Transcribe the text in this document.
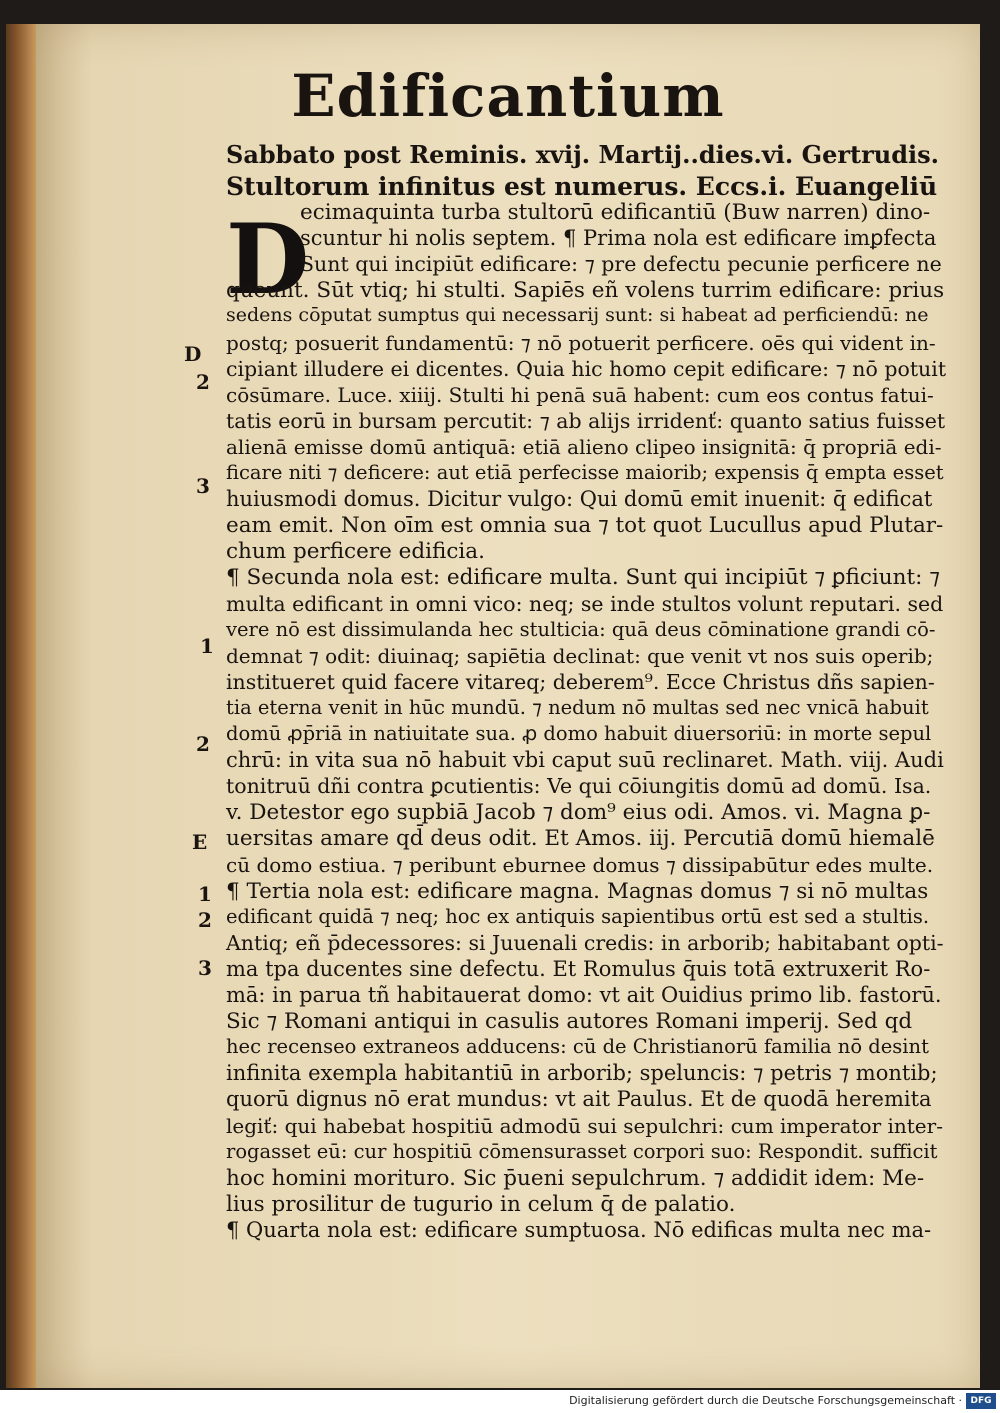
Edificantium
Sabbato post Reminis. xvij. Martij..dies.vi. Gertrudis.
Stultorum infinitus est numerus. Eccs.i. Euangeliū
D
ecimaquinta turba stultorū edificantiū (Buw narren) dino-
scuntur hi nolis septem. ¶ Prima nola est edificare imꝑfecta
Sunt qui incipiūt edificare: ⁊ pre defectu pecunie perficere ne
queunt. Sūt vtiq; hi stulti. Sapiēs eñ volens turrim edificare: prius
sedens cōputat sumptus qui necessarij sunt: si habeat ad perficiendū: ne
postq; posuerit fundamentū: ⁊ nō potuerit perficere. oēs qui vident in-
cipiant illudere ei dicentes. Quia hic homo cepit edificare: ⁊ nō potuit
cōsūmare. Luce. xiiij. Stulti hi penā suā habent: cum eos contus fatui-
tatis eorū in bursam percutit: ⁊ ab alijs irridenť: quanto satius fuisset
alienā emisse domū antiquā: etiā alieno clipeo insignitā: q̄ propriā edi-
ficare niti ⁊ deficere: aut etiā perfecisse maiorib; expensis q̄ empta esset
huiusmodi domus. Dicitur vulgo: Qui domū emit inuenit: q̄ edificat
eam emit. Non oīm est omnia sua ⁊ tot quot Lucullus apud Plutar-
chum perficere edificia.
¶ Secunda nola est: edificare multa. Sunt qui incipiūt ⁊ ꝑficiunt: ⁊
multa edificant in omni vico: neq; se inde stultos volunt reputari. sed
vere nō est dissimulanda hec stulticia: quā deus cōminatione grandi cō-
demnat ⁊ odit: diuinaq; sapiētia declinat: que venit vt nos suis operib;
institueret quid facere vitareq; deberem⁹. Ecce Christus dñs sapien-
tia eterna venit in hūc mundū. ⁊ nedum nō multas sed nec vnicā habuit
domū ꝓp̄riā in natiuitate sua. ꝓ domo habuit diuersoriū: in morte sepul
chrū: in vita sua nō habuit vbi caput suū reclinaret. Math. viij. Audi
tonitruū dñi contra ꝑcutientis: Ve qui cōiungitis domū ad domū. Isa.
v. Detestor ego supbiā Jacob ⁊ dom⁹ eius odi. Amos. vi. Magna ꝑ-
uersitas amare qd̄ deus odit. Et Amos. iij. Percutiā domū hiemalē
cū domo estiua. ⁊ peribunt eburnee domus ⁊ dissipabūtur edes multe.
¶ Tertia nola est: edificare magna. Magnas domus ⁊ si nō multas
edificant quidā ⁊ neq; hoc ex antiquis sapientibus ortū est sed a stultis.
Antiq; eñ p̄decessores: si Juuenali credis: in arborib; habitabant opti-
ma tpa ducentes sine defectu. Et Romulus q̄uis totā extruxerit Ro-
mā: in parua tñ habitauerat domo: vt ait Ouidius primo lib. fastorū.
Sic ⁊ Romani antiqui in casulis autores Romani imperij. Sed qd
hec recenseo extraneos adducens: cū de Christianorū familia nō desint
infinita exempla habitantiū in arborib; speluncis: ⁊ petris ⁊ montib;
quorū dignus nō erat mundus: vt ait Paulus. Et de quodā heremita
legiť: qui habebat hospitiū admodū sui sepulchri: cum imperator inter-
rogasset eū: cur hospitiū cōmensurasset corpori suo: Respondit. sufficit
hoc homini morituro. Sic p̄ueni sepulchrum. ⁊ addidit idem: Me-
lius prosilitur de tugurio in celum q̄ de palatio.
¶ Quarta nola est: edificare sumptuosa. Nō edificas multa nec ma-
D
2
3
1
2
E
1
2
3
Digitalisierung gefördert durch die Deutsche Forschungsgemeinschaft · DFG
